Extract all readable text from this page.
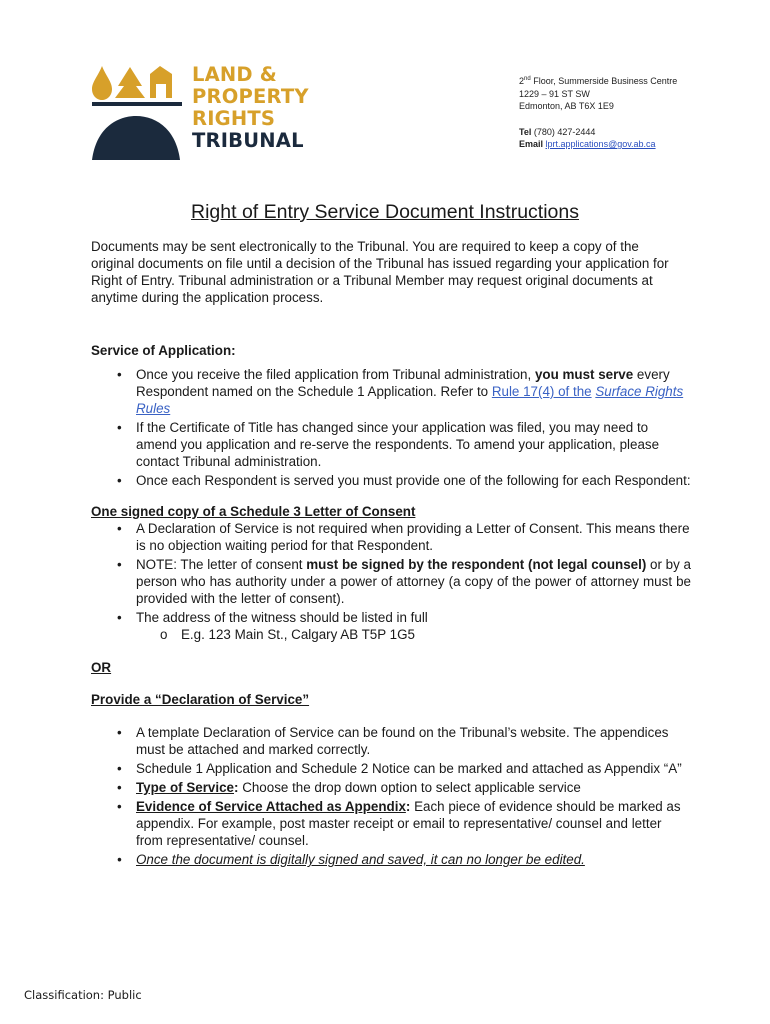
LAND &
PROPERTY
RIGHTS
TRIBUNAL
2nd Floor, Summerside Business Centre
1229 – 91 ST SW
Edmonton, AB T6X 1E9
Tel (780) 427-2444
Email lprt.applications@gov.ab.ca
Right of Entry Service Document Instructions

Documents may be sent electronically to the Tribunal. You are required to keep a copy of the original documents on file until a decision of the Tribunal has issued regarding your application for Right of Entry. Tribunal administration or a Tribunal Member may request original documents at anytime during the application process.

Service of Application:

• Once you receive the filed application from Tribunal administration, you must serve every Respondent named on the Schedule 1 Application. Refer to Rule 17(4) of the Surface Rights Rules
• If the Certificate of Title has changed since your application was filed, you may need to amend you application and re-serve the respondents. To amend your application, please contact Tribunal administration.
• Once each Respondent is served you must provide one of the following for each Respondent:

One signed copy of a Schedule 3 Letter of Consent

• A Declaration of Service is not required when providing a Letter of Consent. This means there is no objection waiting period for that Respondent.
• NOTE: The letter of consent must be signed by the respondent (not legal counsel) or by a person who has authority under a power of attorney (a copy of the power of attorney must be provided with the letter of consent).
• The address of the witness should be listed in full
o E.g. 123 Main St., Calgary AB T5P 1G5

OR

Provide a “Declaration of Service”

• A template Declaration of Service can be found on the Tribunal’s website. The appendices must be attached and marked correctly.
• Schedule 1 Application and Schedule 2 Notice can be marked and attached as Appendix “A”
• Type of Service: Choose the drop down option to select applicable service
• Evidence of Service Attached as Appendix: Each piece of evidence should be marked as appendix. For example, post master receipt or email to representative/ counsel and letter from representative/ counsel.
• Once the document is digitally signed and saved, it can no longer be edited.
Classification: Public
